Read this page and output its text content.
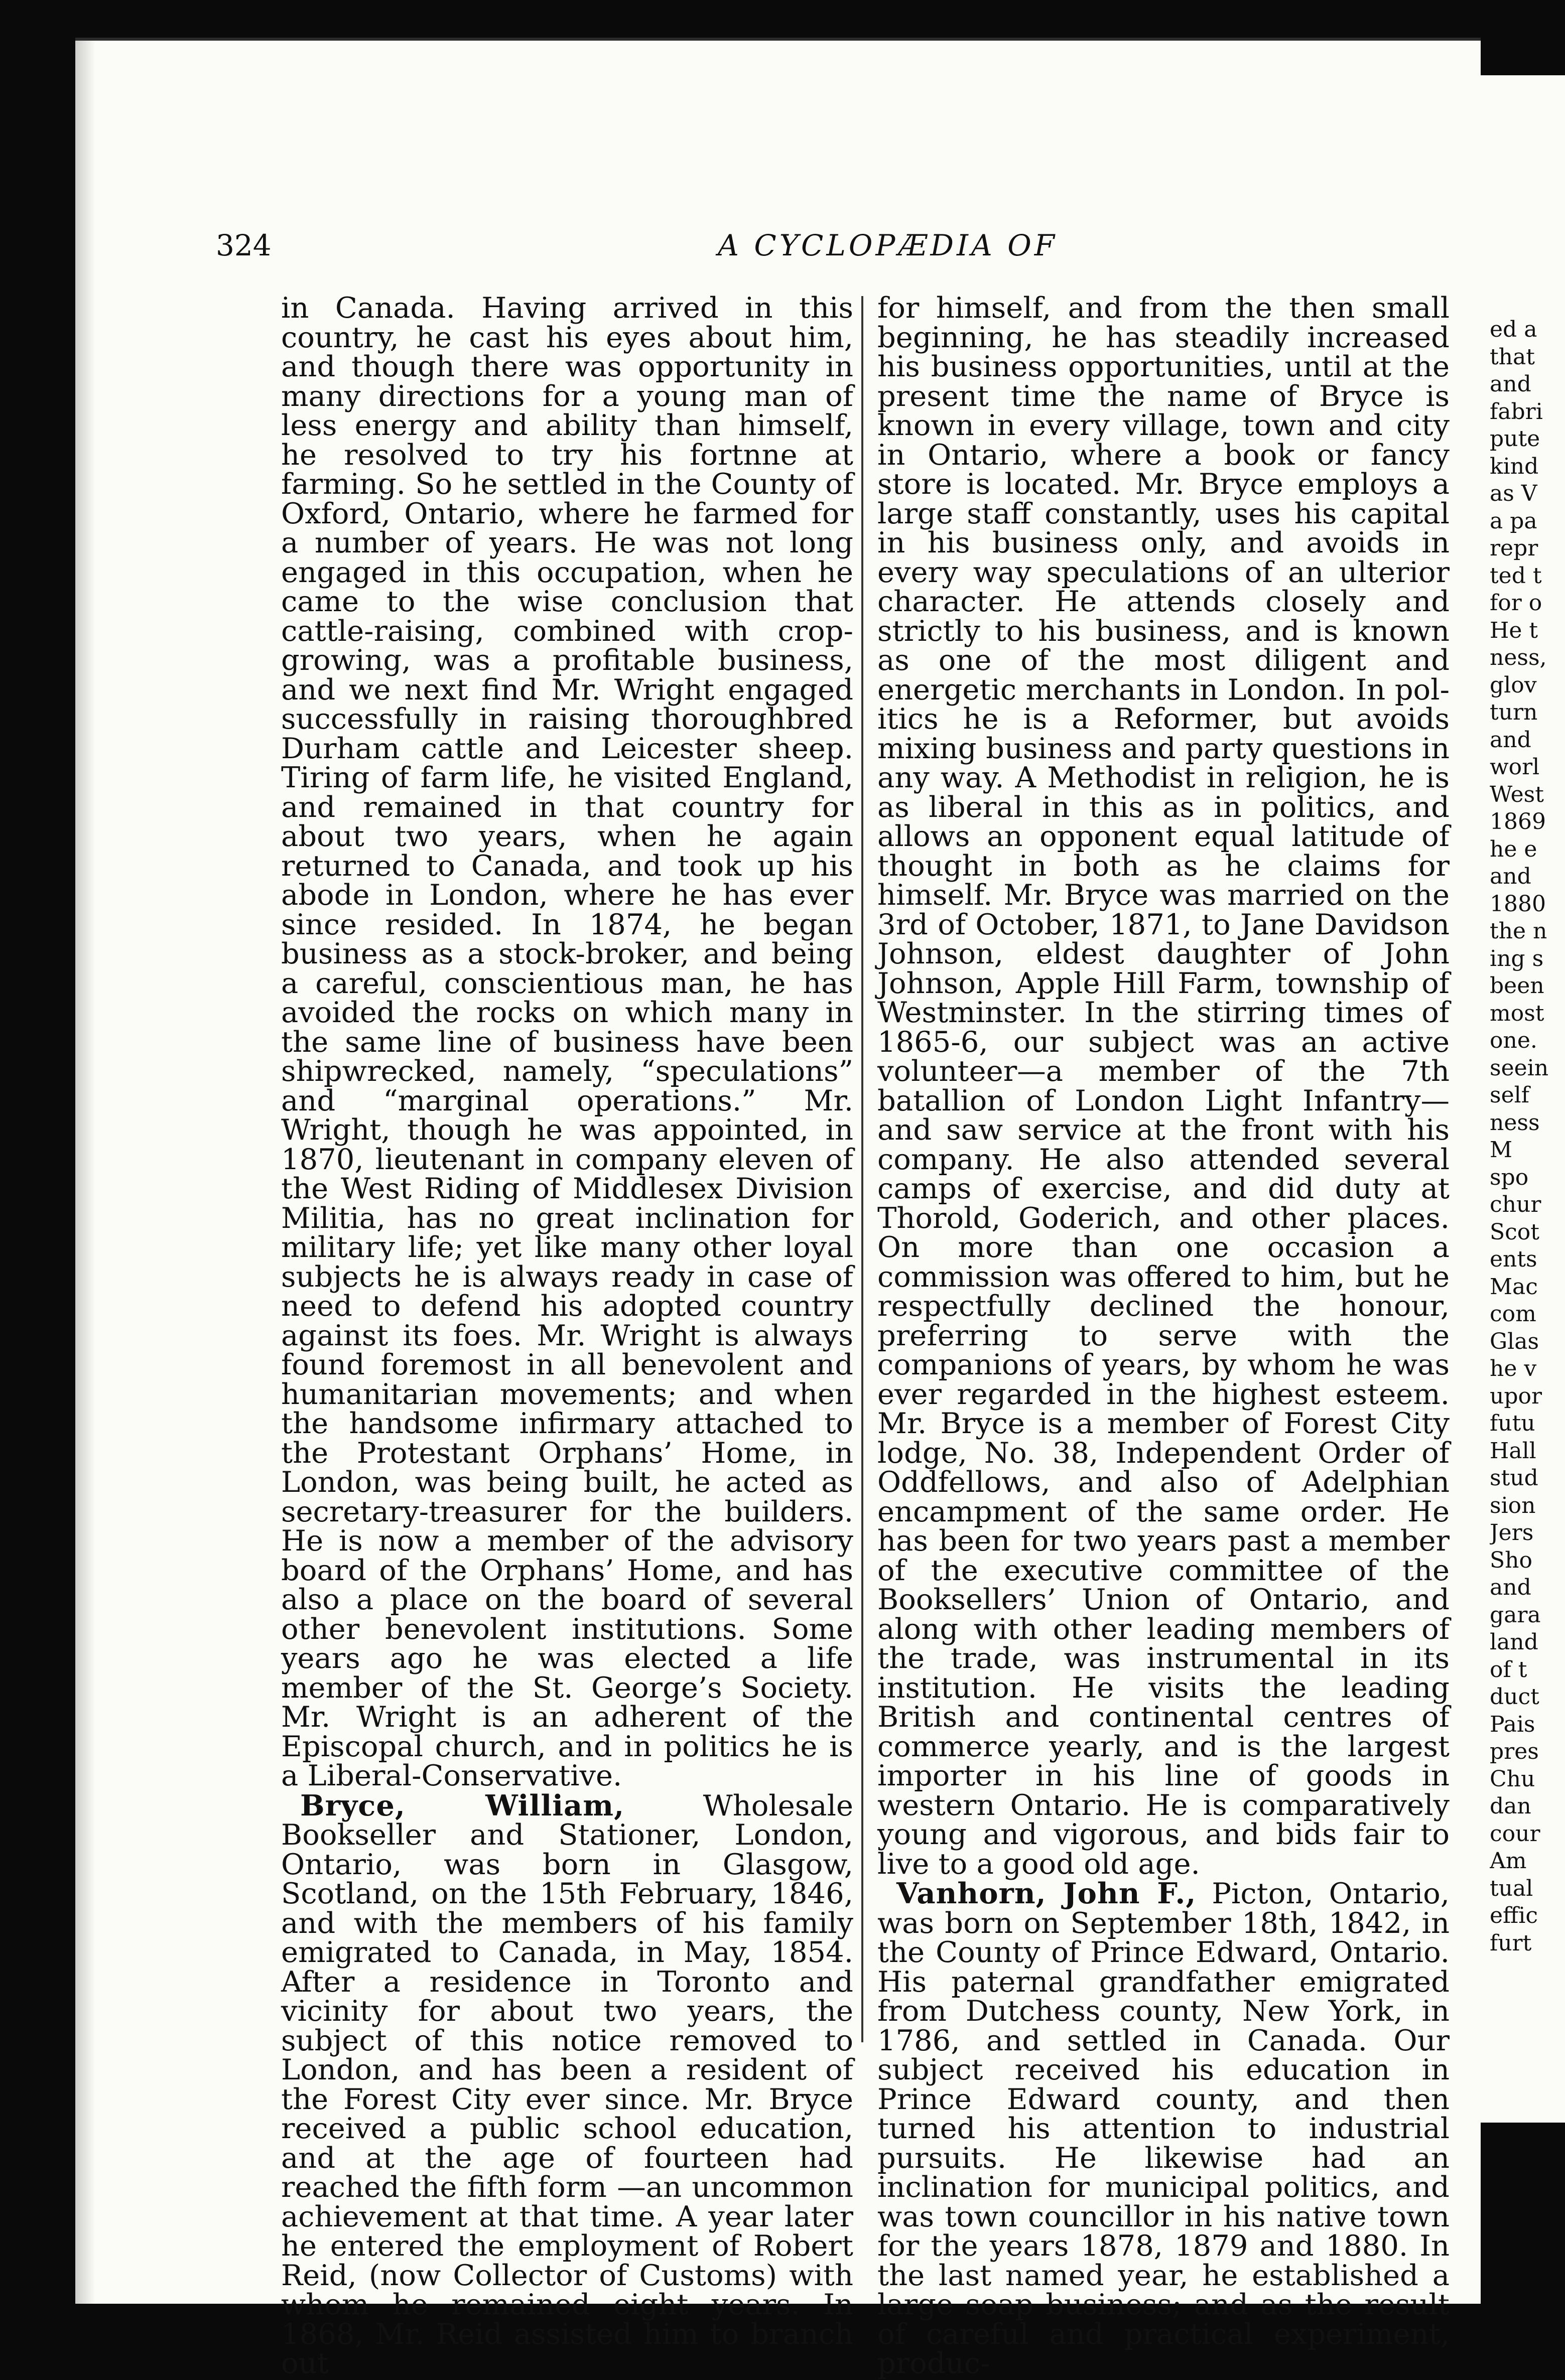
324	A CYCLOPÆDIA OF

in Canada. Having arrived in this country, he cast his eyes about him, and though there was opportunity in many directions for a young man of less energy and ability than himself, he resolved to try his fortnne at farming. So he settled in the County of Oxford, Ontario, where he farmed for a number of years. He was not long engaged in this occupation, when he came to the wise conclusion that cattle-raising, combined with crop-growing, was a profitable business, and we next find Mr. Wright engaged successfully in raising thoroughbred Durham cattle and Leicester sheep. Tiring of farm life, he visited England, and remained in that country for about two years, when he again returned to Canada, and took up his abode in London, where he has ever since resided. In 1874, he began business as a stock-broker, and being a careful, conscientious man, he has avoided the rocks on which many in the same line of business have been shipwrecked, namely, “speculations” and “marginal operations.” Mr. Wright, though he was appointed, in 1870, lieutenant in company eleven of the West Riding of Middlesex Division Militia, has no great inclination for military life; yet like many other loyal subjects he is always ready in case of need to defend his adopted country against its foes. Mr. Wright is always found foremost in all benevolent and humanitarian movements; and when the handsome infirmary attached to the Protestant Orphans’ Home, in London, was being built, he acted as secretary-treasurer for the builders. He is now a member of the advisory board of the Orphans’ Home, and has also a place on the board of several other benevolent institutions. Some years ago he was elected a life member of the St. George’s Society. Mr. Wright is an adherent of the Episcopal church, and in politics he is a Liberal-Conservative.

Bryce, William, Wholesale Bookseller and Stationer, London, Ontario, was born in Glasgow, Scotland, on the 15th February, 1846, and with the members of his family emigrated to Canada, in May, 1854. After a residence in Toronto and vicinity for about two years, the subject of this notice removed to London, and has been a resident of the Forest City ever since. Mr. Bryce received a public school education, and at the age of fourteen had reached the fifth form —an uncommon achievement at that time. A year later he entered the employment of Robert Reid, (now Collector of Customs) with whom he remained eight years. In 1868, Mr. Reid assisted him to branch out

for himself, and from the then small beginning, he has steadily increased his business opportunities, until at the present time the name of Bryce is known in every village, town and city in Ontario, where a book or fancy store is located. Mr. Bryce employs a large staff constantly, uses his capital in his business only, and avoids in every way speculations of an ulterior character. He attends closely and strictly to his business, and is known as one of the most diligent and energetic merchants in London. In politics he is a Reformer, but avoids mixing business and party questions in any way. A Methodist in religion, he is as liberal in this as in politics, and allows an opponent equal latitude of thought in both as he claims for himself. Mr. Bryce was married on the 3rd of October, 1871, to Jane Davidson Johnson, eldest daughter of John Johnson, Apple Hill Farm, township of Westminster. In the stirring times of 1865-6, our subject was an active volunteer—a member of the 7th batallion of London Light Infantry—and saw service at the front with his company. He also attended several camps of exercise, and did duty at Thorold, Goderich, and other places. On more than one occasion a commission was offered to him, but he respectfully declined the honour, preferring to serve with the companions of years, by whom he was ever regarded in the highest esteem. Mr. Bryce is a member of Forest City lodge, No. 38, Independent Order of Oddfellows, and also of Adelphian encampment of the same order. He has been for two years past a member of the executive committee of the Booksellers’ Union of Ontario, and along with other leading members of the trade, was instrumental in its institution. He visits the leading British and continental centres of commerce yearly, and is the largest importer in his line of goods in western Ontario. He is comparatively young and vigorous, and bids fair to live to a good old age.

Vanhorn, John F., Picton, Ontario, was born on September 18th, 1842, in the County of Prince Edward, Ontario. His paternal grandfather emigrated from Dutchess county, New York, in 1786, and settled in Canada. Our subject received his education in Prince Edward county, and then turned his attention to industrial pursuits. He likewise had an inclination for municipal politics, and was town councillor in his native town for the years 1878, 1879 and 1880. In the last named year, he established a large soap business; and as the result of careful and practical experiment, produc-

ed a
that
and
fabri
pute
kind
as V
a pa
repr
ted t
for o
He t
ness,
glov
turn
and
worl
West
1869
he e
and
1880
the n
ing s
been
most
one.
seein
self
ness
M
spo
chur
Scot
ents
Mac
com
Glas
he v
upor
futu
Hall
stud
sion
Jers
Sho
and
gara
land
of t
duct
Pais
pres
Chu
dan
cour
Am
tual
effic
furt
